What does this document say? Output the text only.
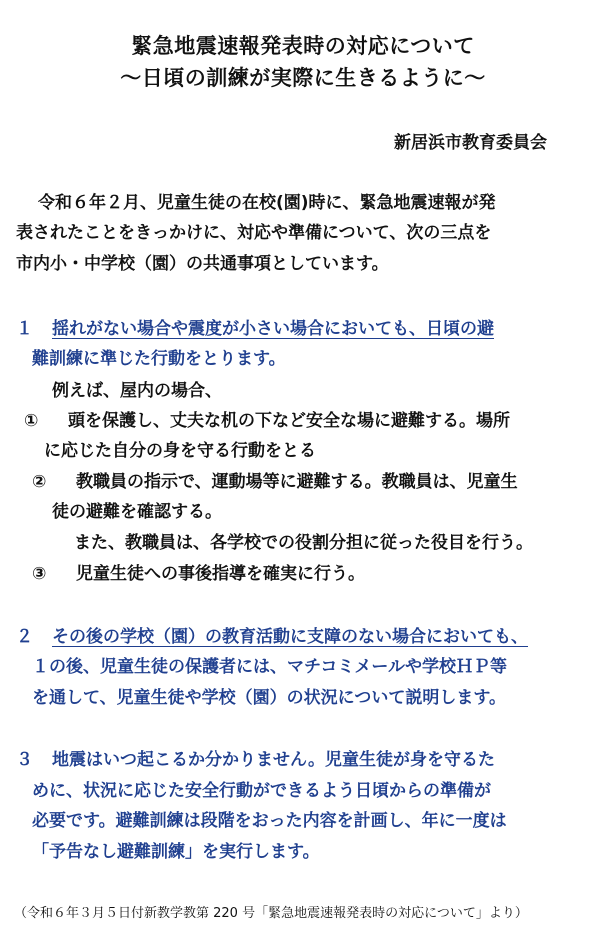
緊急地震速報発表時の対応について
～日頃の訓練が実際に生きるように～
新居浜市教育委員会
令和６年２月、児童生徒の在校(園)時に、緊急地震速報が発
表されたことをきっかけに、対応や準備について、次の三点を
市内小・中学校（園）の共通事項としています。
１ 揺れがない場合や震度が小さい場合においても、日頃の避
難訓練に準じた行動をとります。
例えば、屋内の場合、
① 頭を保護し、丈夫な机の下など安全な場に避難する。場所
に応じた自分の身を守る行動をとる
② 教職員の指示で、運動場等に避難する。教職員は、児童生
徒の避難を確認する。
また、教職員は、各学校での役割分担に従った役目を行う。
③ 児童生徒への事後指導を確実に行う。
２ その後の学校（園）の教育活動に支障のない場合においても、
１の後、児童生徒の保護者には、マチコミメールや学校ＨＰ等
を通して、児童生徒や学校（園）の状況について説明します。
３ 地震はいつ起こるか分かりません。児童生徒が身を守るた
めに、状況に応じた安全行動ができるよう日頃からの準備が
必要です。避難訓練は段階をおった内容を計画し、年に一度は
「予告なし避難訓練」を実行します。
（令和６年３月５日付新教学教第 220 号「緊急地震速報発表時の対応について」より）
